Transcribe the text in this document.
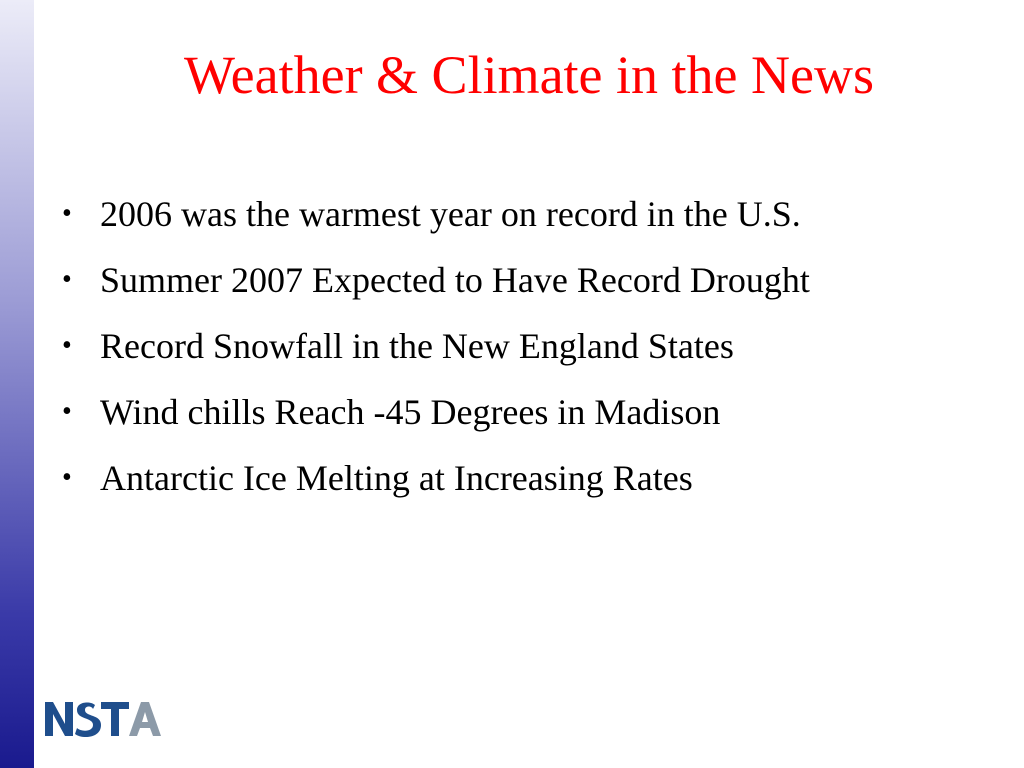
Weather & Climate in the News
• 2006 was the warmest year on record in the U.S.
• Summer 2007 Expected to Have Record Drought
• Record Snowfall in the New England States
• Wind chills Reach -45 Degrees in Madison
• Antarctic Ice Melting at Increasing Rates
